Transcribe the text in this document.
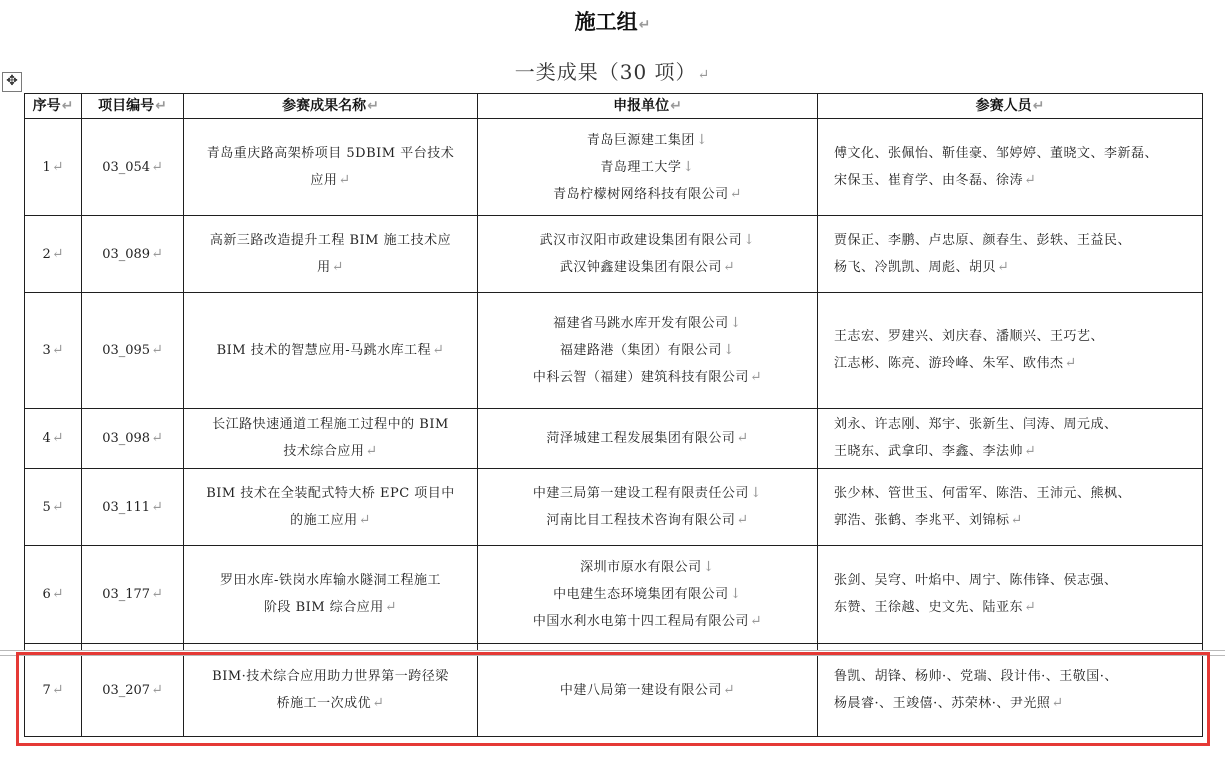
施工组↵
一类成果（30 项）↵
✥
序号↵	项目编号↵	参赛成果名称↵	申报单位↵	参赛人员↵
1↵	03_054↵	青岛重庆路高架桥项目 5DBIM 平台技术
应用↵	青岛巨源建工集团↓
青岛理工大学↓
青岛柠檬树网络科技有限公司↵	傅文化、张佩怡、靳佳豪、邹婷婷、董晓文、李新磊、
宋保玉、崔育学、由冬磊、徐涛↵

2↵	03_089↵	高新三路改造提升工程 BIM 施工技术应
用↵	武汉市汉阳市政建设集团有限公司↓
武汉钟鑫建设集团有限公司↵	贾保正、李鹏、卢忠原、颜春生、彭轶、王益民、
杨飞、冷凯凯、周彪、胡贝↵

3↵	03_095↵	BIM 技术的智慧应用-马跳水库工程↵	福建省马跳水库开发有限公司↓
福建路港（集团）有限公司↓
中科云智（福建）建筑科技有限公司↵	王志宏、罗建兴、刘庆春、潘顺兴、王巧艺、
江志彬、陈亮、游玲峰、朱军、欧伟杰↵

4↵	03_098↵	长江路快速通道工程施工过程中的 BIM
技术综合应用↵	菏泽城建工程发展集团有限公司↵	刘永、许志刚、郑宇、张新生、闫涛、周元成、
王晓东、武拿印、李鑫、李法帅↵

5↵	03_111↵	BIM 技术在全装配式特大桥 EPC 项目中
的施工应用↵	中建三局第一建设工程有限责任公司↓
河南比目工程技术咨询有限公司↵	张少林、管世玉、何雷军、陈浩、王沛元、熊枫、
郭浩、张鹤、李兆平、刘锦标↵

6↵	03_177↵	罗田水库-铁岗水库输水隧洞工程施工
阶段 BIM 综合应用↵	深圳市原水有限公司↓
中电建生态环境集团有限公司↓
中国水利水电第十四工程局有限公司↵	张剑、吴穹、叶焰中、周宁、陈伟锋、侯志强、
东赞、王徐越、史文先、陆亚东↵

7↵	03_207↵	BIM·技术综合应用助力世界第一跨径梁
桥施工一次成优↵	中建八局第一建设有限公司↵	鲁凯、胡锋、杨帅·、党瑞、段计伟·、王敬国·、
杨晨睿·、王竣僖·、苏荣林·、尹光照↵
